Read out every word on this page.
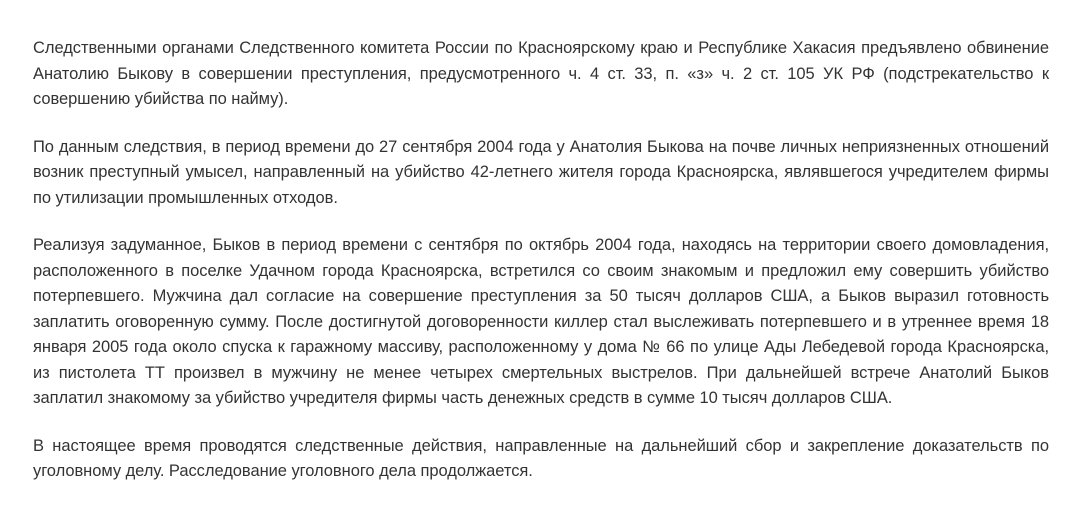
Следственными органами Следственного комитета России по Красноярскому краю и Республике Хакасия предъявлено обвинение Анатолию Быкову в совершении преступления, предусмотренного ч. 4 ст. 33, п. «з» ч. 2 ст. 105 УК РФ (подстрекательство к совершению убийства по найму).

По данным следствия, в период времени до 27 сентября 2004 года у Анатолия Быкова на почве личных неприязненных отношений возник преступный умысел, направленный на убийство 42-летнего жителя города Красноярска, являвшегося учредителем фирмы по утилизации промышленных отходов.

Реализуя задуманное, Быков в период времени с сентября по октябрь 2004 года, находясь на территории своего домовладения, расположенного в поселке Удачном города Красноярска, встретился со своим знакомым и предложил ему совершить убийство потерпевшего. Мужчина дал согласие на совершение преступления за 50 тысяч долларов США, а Быков выразил готовность заплатить оговоренную сумму. После достигнутой договоренности киллер стал выслеживать потерпевшего и в утреннее время 18 января 2005 года около спуска к гаражному массиву, расположенному у дома № 66 по улице Ады Лебедевой города Красноярска, из пистолета ТТ произвел в мужчину не менее четырех смертельных выстрелов. При дальнейшей встрече Анатолий Быков заплатил знакомому за убийство учредителя фирмы часть денежных средств в сумме 10 тысяч долларов США.

В настоящее время проводятся следственные действия, направленные на дальнейший сбор и закрепление доказательств по уголовному делу. Расследование уголовного дела продолжается.
